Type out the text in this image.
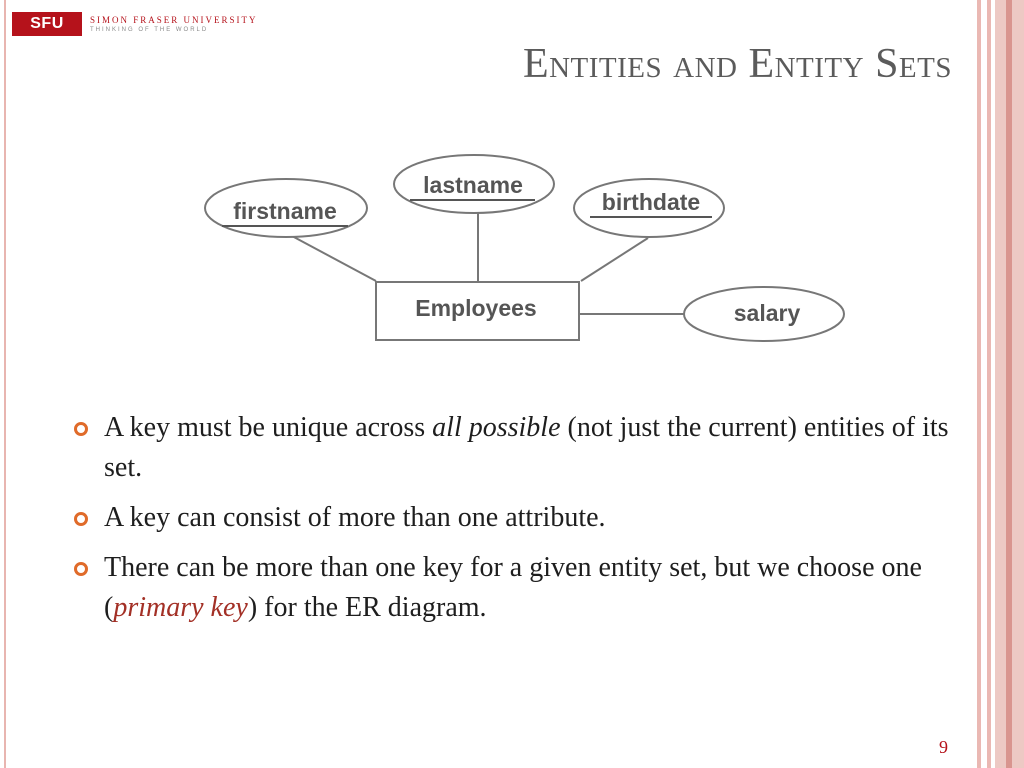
SFU	SIMON FRASER UNIVERSITY
THINKING OF THE WORLD
Entities and Entity Sets
Employees
firstname
lastname
birthdate
salary
A key must be unique across all possible (not just the current) entities of its set.
A key can consist of more than one attribute.
There can be more than one key for a given entity set, but we choose one (primary key) for the ER diagram.
9
